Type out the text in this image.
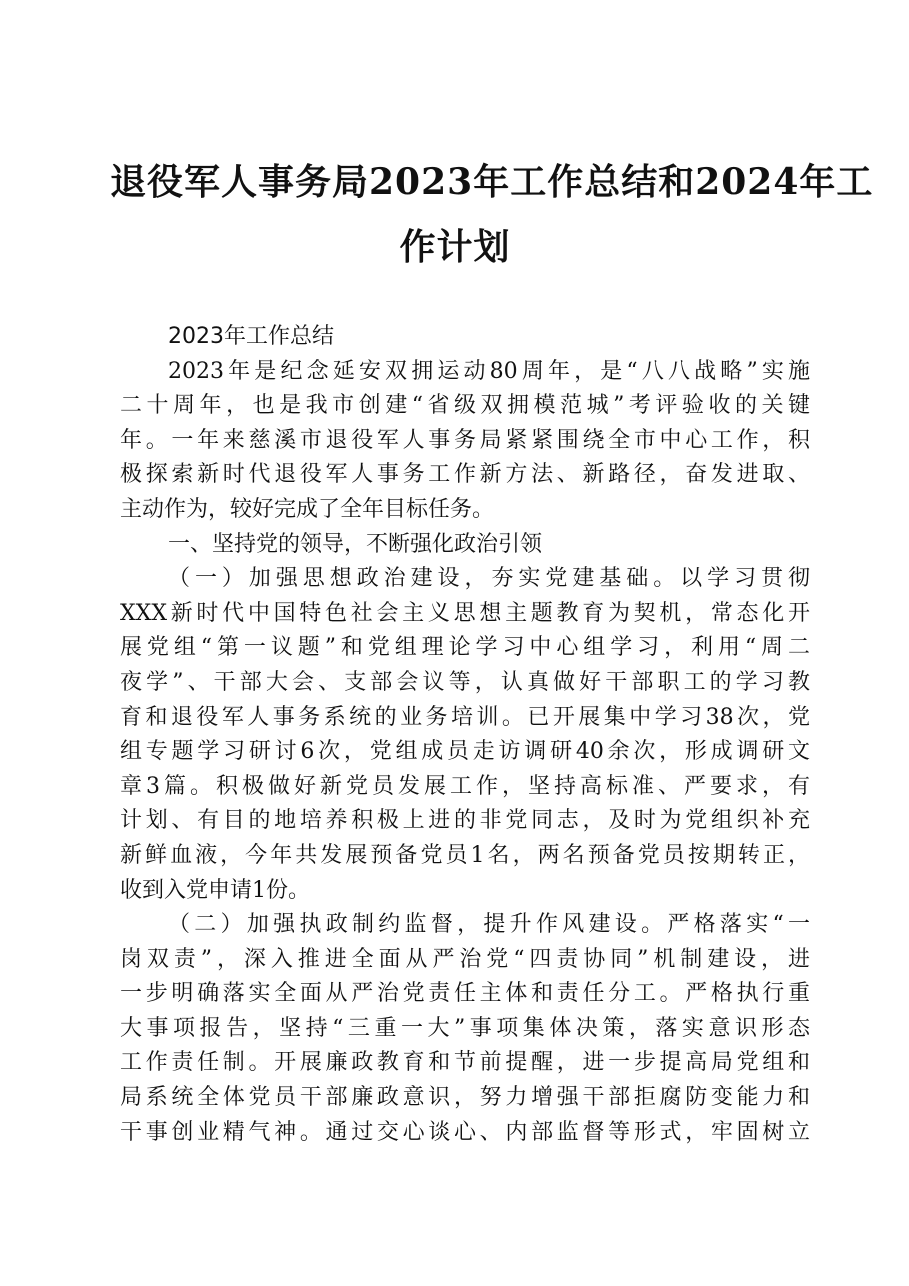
退役军人事务局2023年工作总结和2024年工
作计划
2023年工作总结
2023年是纪念延安双拥运动80周年，是“八八战略”实施
二十周年，也是我市创建“省级双拥模范城”考评验收的关键
年。一年来慈溪市退役军人事务局紧紧围绕全市中心工作，积
极探索新时代退役军人事务工作新方法、新路径，奋发进取、
主动作为，较好完成了全年目标任务。
一、坚持党的领导，不断强化政治引领
（一）加强思想政治建设，夯实党建基础。以学习贯彻
XXX新时代中国特色社会主义思想主题教育为契机，常态化开
展党组“第一议题”和党组理论学习中心组学习，利用“周二
夜学”、干部大会、支部会议等，认真做好干部职工的学习教
育和退役军人事务系统的业务培训。已开展集中学习38次，党
组专题学习研讨6次，党组成员走访调研40余次，形成调研文
章3篇。积极做好新党员发展工作，坚持高标准、严要求，有
计划、有目的地培养积极上进的非党同志，及时为党组织补充
新鲜血液，今年共发展预备党员1名，两名预备党员按期转正，
收到入党申请1份。
（二）加强执政制约监督，提升作风建设。严格落实“一
岗双责”，深入推进全面从严治党“四责协同”机制建设，进
一步明确落实全面从严治党责任主体和责任分工。严格执行重
大事项报告，坚持“三重一大”事项集体决策，落实意识形态
工作责任制。开展廉政教育和节前提醒，进一步提高局党组和
局系统全体党员干部廉政意识，努力增强干部拒腐防变能力和
干事创业精气神。通过交心谈心、内部监督等形式，牢固树立
